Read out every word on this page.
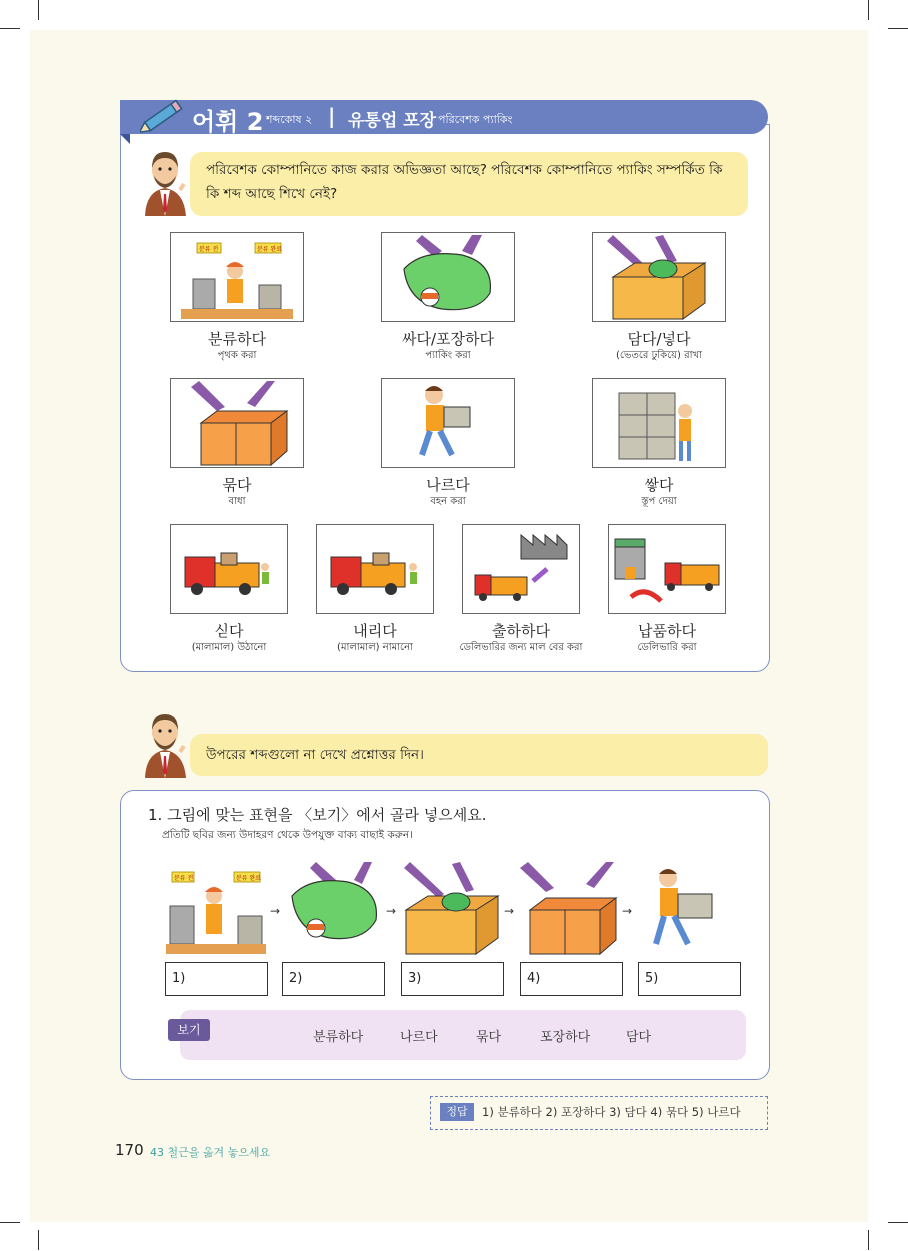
어휘 2 শব্দকোষ ২ | 유통업 포장 পরিবেশক প্যাকিং
পরিবেশক কোম্পানিতে কাজ করার অভিজ্ঞতা আছে? পরিবেশক কোম্পানিতে প্যাকিং সম্পর্কিত কি কি শব্দ আছে শিখে নেই?
분류 전	분류 완료
분류하다
পৃথক করা
싸다/포장하다
প্যাকিং করা
담다/넣다
(ভেতরে ঢুকিয়ে) রাখা
묶다
বাধা
나르다
বহন করা
쌓다
স্তূপ দেয়া
싣다
(মালামাল) উঠানো
내리다
(মালামাল) নামানো
출하하다
ডেলিভারির জন্য মাল বের করা
납품하다
ডেলিভারি করা
উপরের শব্দগুলো না দেখে প্রশ্নোত্তর দিন।
1. 그림에 맞는 표현을 〈보기〉에서 골라 넣으세요.
প্রতিটি ছবির জন্য উদাহরণ থেকে উপযুক্ত বাক্য বাছাই করুন।
분류 전	분류 완료
→	→	→	→
1)	2)	3)	4)	5)
보기	분류하다	나르다	묶다	포장하다	담다
정답	1) 분류하다 2) 포장하다 3) 담다 4) 묶다 5) 나르다
170 43 철근을 옮겨 놓으세요
